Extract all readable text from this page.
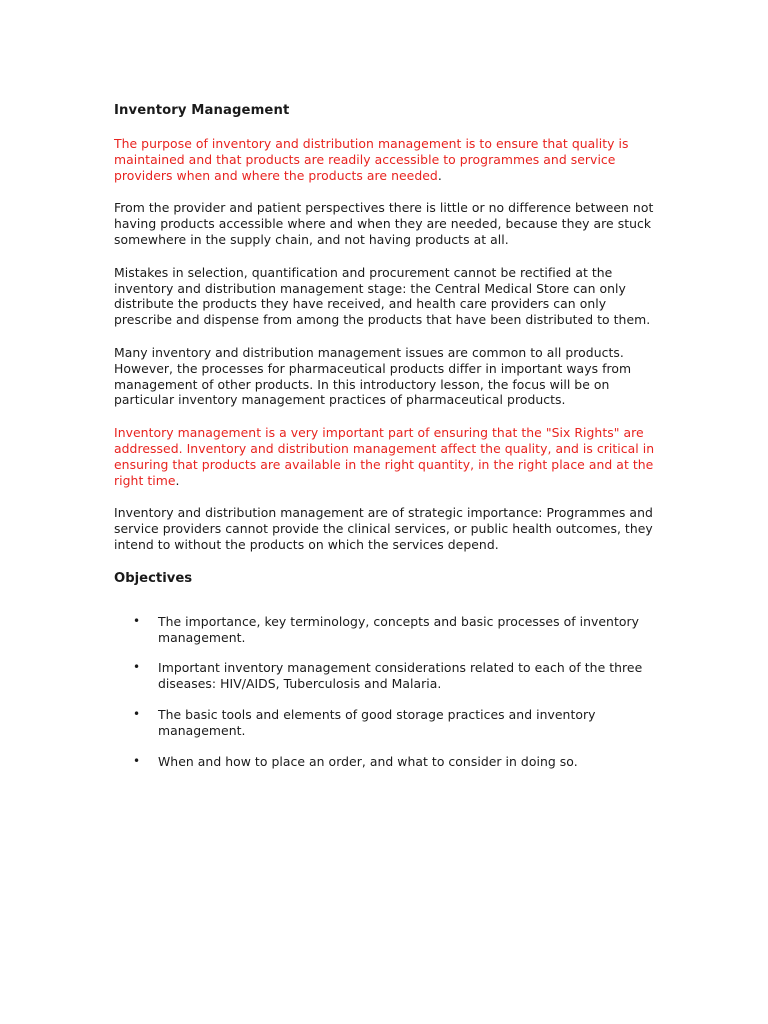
Inventory Management

The purpose of inventory and distribution management is to ensure that quality is maintained and that products are readily accessible to programmes and service providers when and where the products are needed.

From the provider and patient perspectives there is little or no difference between not having products accessible where and when they are needed, because they are stuck somewhere in the supply chain, and not having products at all.

Mistakes in selection, quantification and procurement cannot be rectified at the inventory and distribution management stage: the Central Medical Store can only distribute the products they have received, and health care providers can only prescribe and dispense from among the products that have been distributed to them.

Many inventory and distribution management issues are common to all products. However, the processes for pharmaceutical products differ in important ways from management of other products. In this introductory lesson, the focus will be on particular inventory management practices of pharmaceutical products.

Inventory management is a very important part of ensuring that the "Six Rights" are addressed. Inventory and distribution management affect the quality, and is critical in ensuring that products are available in the right quantity, in the right place and at the right time.

Inventory and distribution management are of strategic importance: Programmes and service providers cannot provide the clinical services, or public health outcomes, they intend to without the products on which the services depend.

Objectives
• The importance, key terminology, concepts and basic processes of inventory management.
• Important inventory management considerations related to each of the three diseases: HIV/AIDS, Tuberculosis and Malaria.
• The basic tools and elements of good storage practices and inventory management.
• When and how to place an order, and what to consider in doing so.
